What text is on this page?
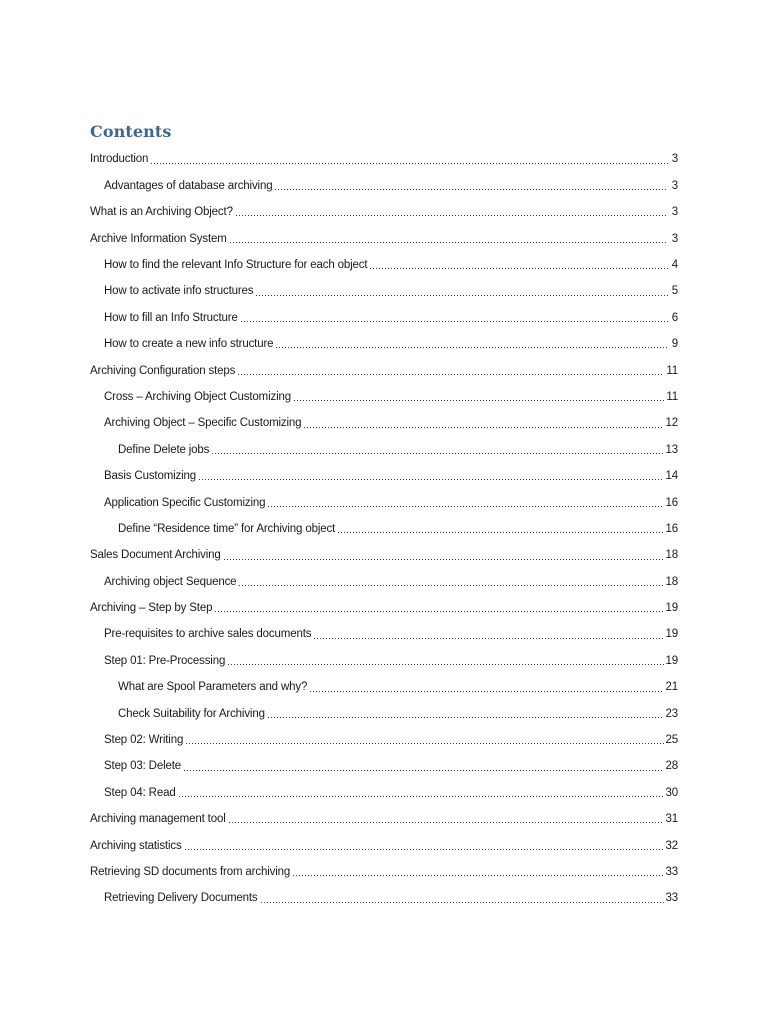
Contents
Introduction	3
Advantages of database archiving	3
What is an Archiving Object?	3
Archive Information System	3
How to find the relevant Info Structure for each object	4
How to activate info structures	5
How to fill an Info Structure	6
How to create a new info structure	9
Archiving Configuration steps	11
Cross – Archiving Object Customizing	11
Archiving Object – Specific Customizing	12
Define Delete jobs	13
Basis Customizing	14
Application Specific Customizing	16
Define “Residence time” for Archiving object	16
Sales Document Archiving	18
Archiving object Sequence	18
Archiving – Step by Step	19
Pre-requisites to archive sales documents	19
Step 01: Pre-Processing	19
What are Spool Parameters and why?	21
Check Suitability for Archiving	23
Step 02: Writing	25
Step 03: Delete	28
Step 04: Read	30
Archiving management tool	31
Archiving statistics	32
Retrieving SD documents from archiving	33
Retrieving Delivery Documents	33
